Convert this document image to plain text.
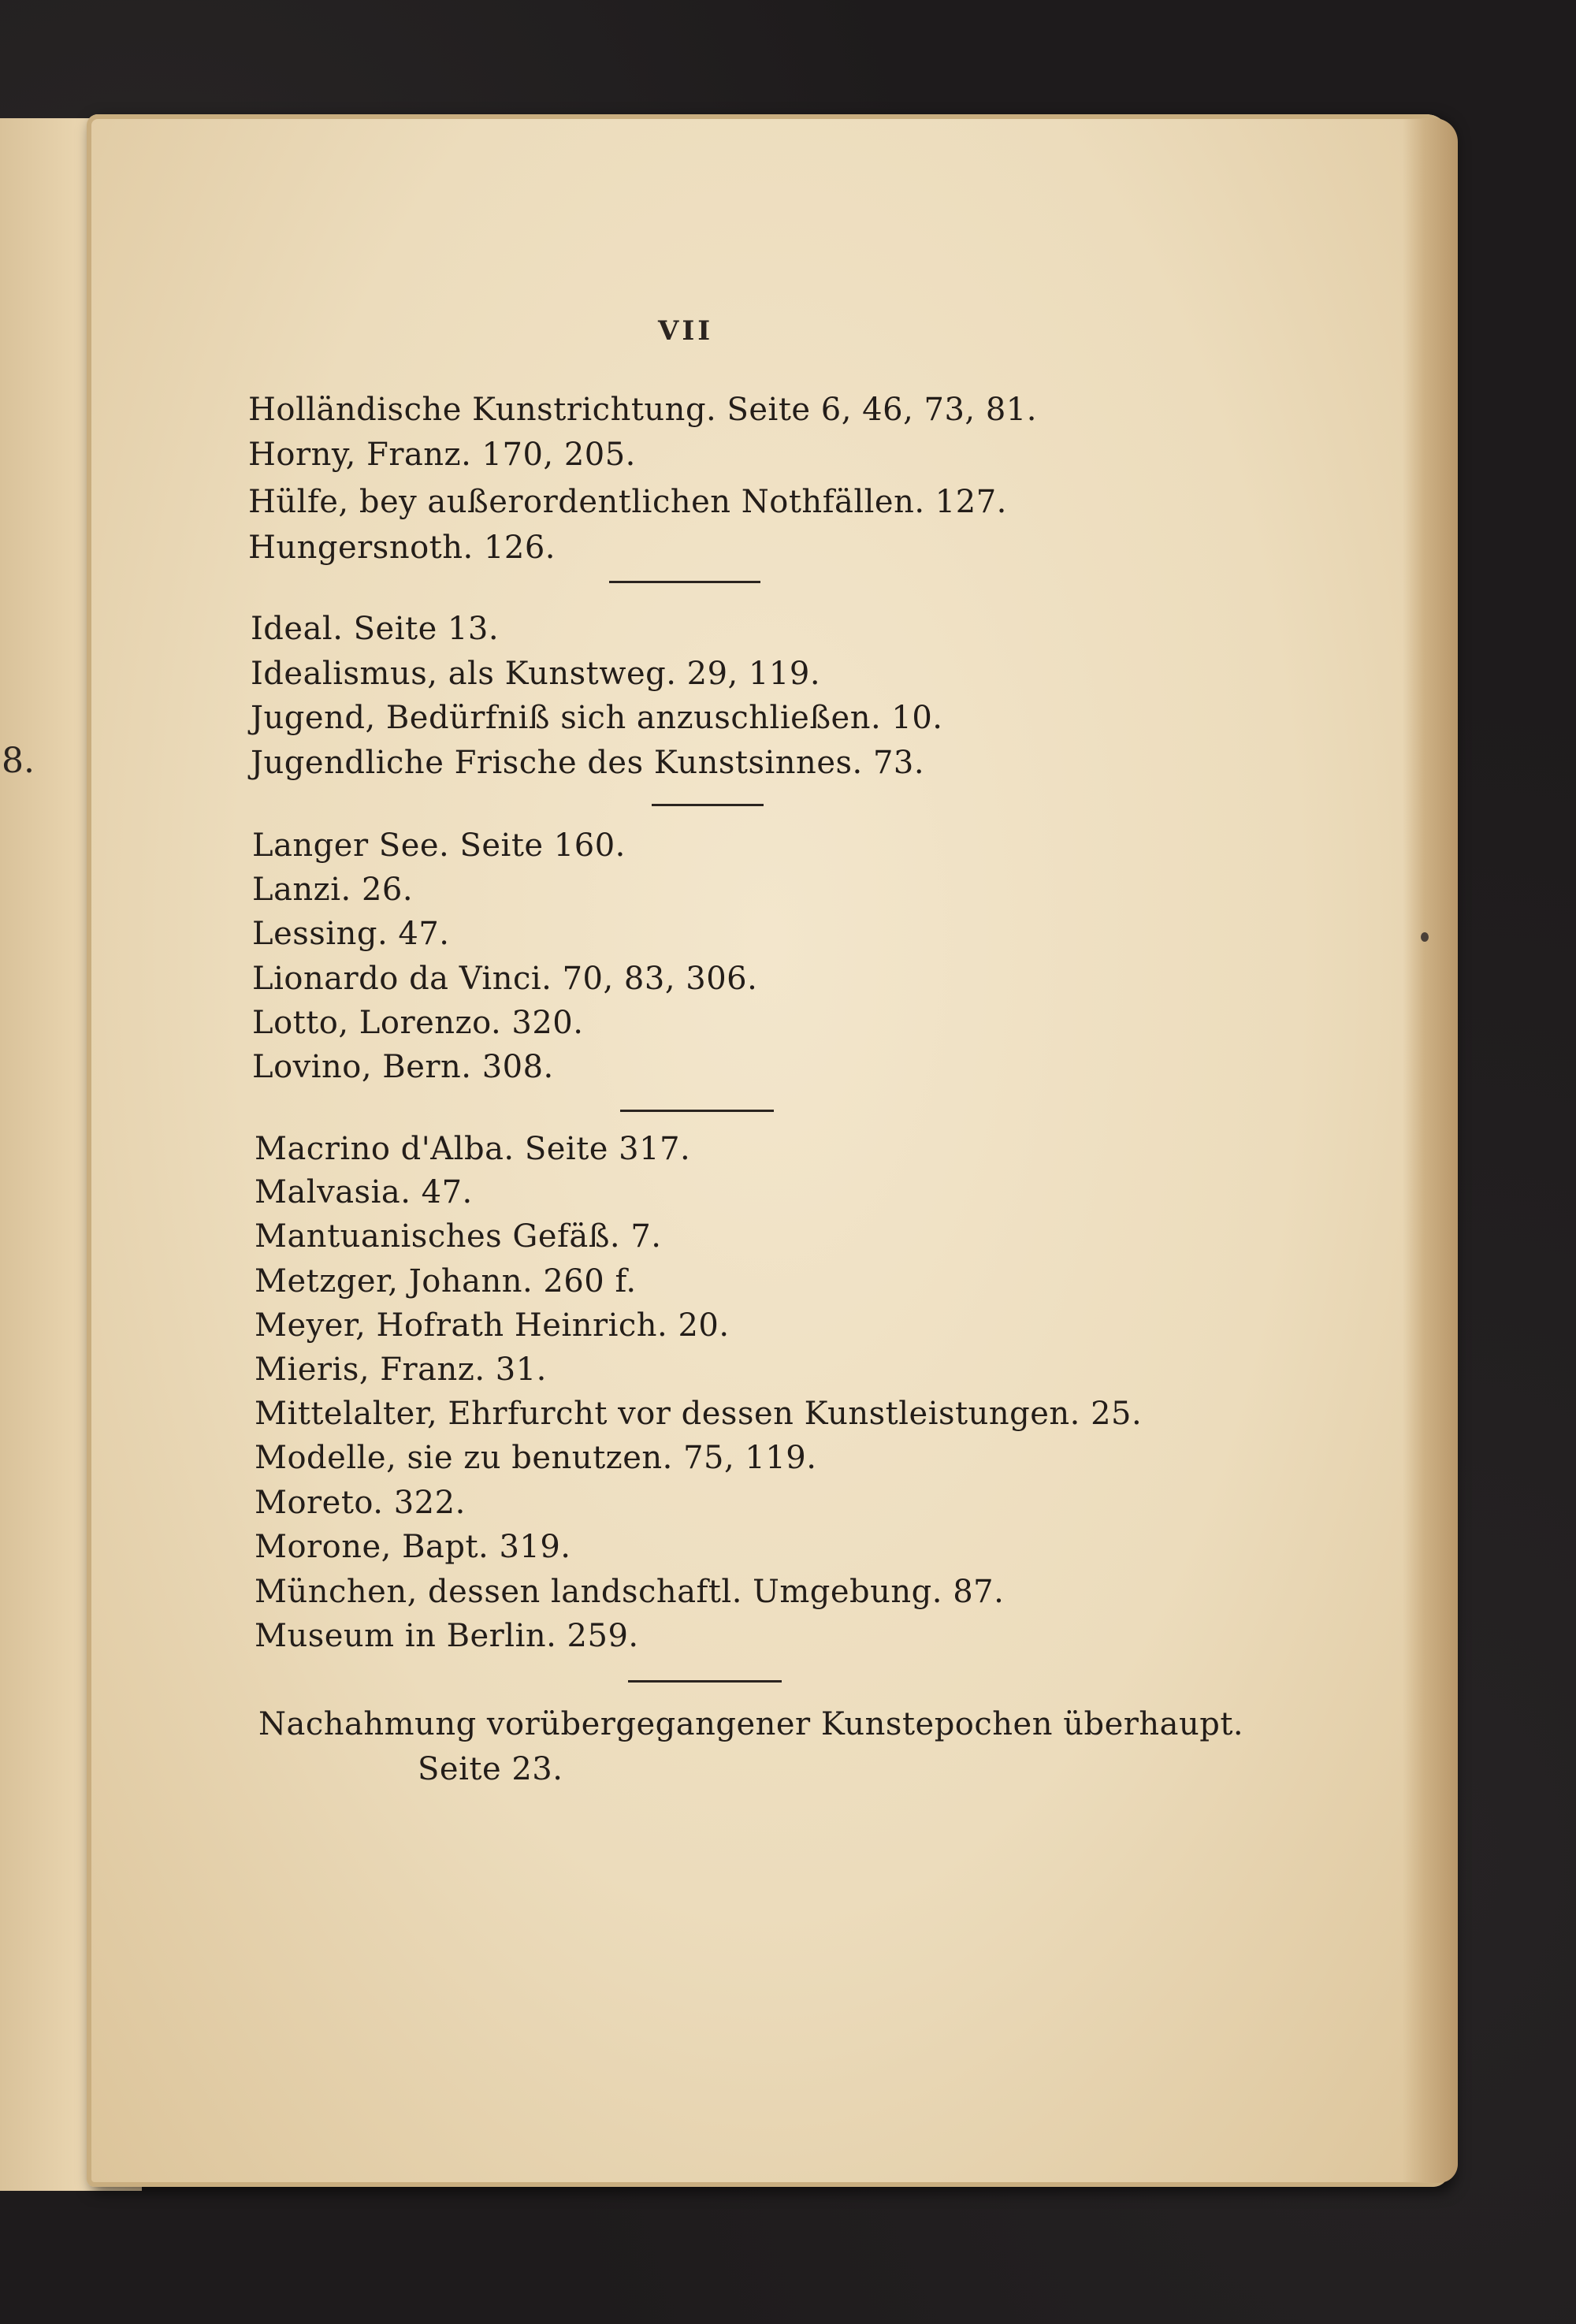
8.
VII
Holländische Kunstrichtung. Seite 6, 46, 73, 81.
Horny, Franz. 170, 205.
Hülfe, bey außerordentlichen Nothfällen. 127.
Hungersnoth. 126.
Ideal. Seite 13.
Idealismus, als Kunstweg. 29, 119.
Jugend, Bedürfniß sich anzuschließen. 10.
Jugendliche Frische des Kunstsinnes. 73.
Langer See. Seite 160.
Lanzi. 26.
Lessing. 47.
Lionardo da Vinci. 70, 83, 306.
Lotto, Lorenzo. 320.
Lovino, Bern. 308.
Macrino d'Alba. Seite 317.
Malvasia. 47.
Mantuanisches Gefäß. 7.
Metzger, Johann. 260 f.
Meyer, Hofrath Heinrich. 20.
Mieris, Franz. 31.
Mittelalter, Ehrfurcht vor dessen Kunstleistungen. 25.
Modelle, sie zu benutzen. 75, 119.
Moreto. 322.
Morone, Bapt. 319.
München, dessen landschaftl. Umgebung. 87.
Museum in Berlin. 259.
Nachahmung vorübergegangener Kunstepochen überhaupt.
Seite 23.
